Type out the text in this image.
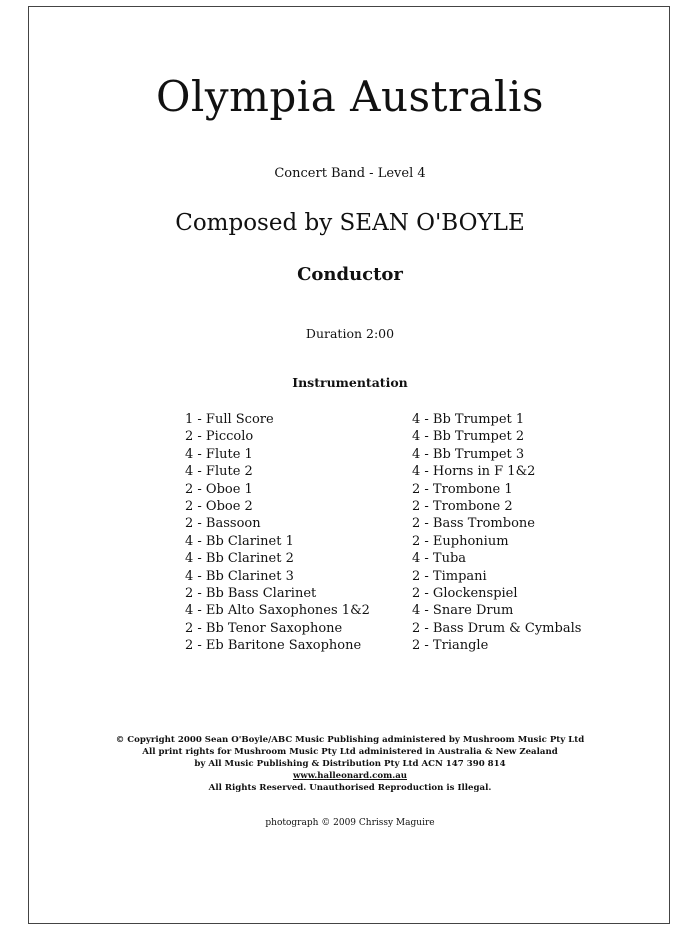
Olympia Australis
Concert Band - Level 4
Composed by SEAN O'BOYLE
Conductor
Duration 2:00
Instrumentation
1 - Full Score
2 - Piccolo
4 - Flute 1
4 - Flute 2
2 - Oboe 1
2 - Oboe 2
2 - Bassoon
4 - Bb Clarinet 1
4 - Bb Clarinet 2
4 - Bb Clarinet 3
2 - Bb Bass Clarinet
4 - Eb Alto Saxophones 1&2
2 - Bb Tenor Saxophone
2 - Eb Baritone Saxophone
4 - Bb Trumpet 1
4 - Bb Trumpet 2
4 - Bb Trumpet 3
4 - Horns in F 1&2
2 - Trombone 1
2 - Trombone 2
2 - Bass Trombone
2 - Euphonium
4 - Tuba
2 - Timpani
2 - Glockenspiel
4 - Snare Drum
2 - Bass Drum & Cymbals
2 - Triangle
© Copyright 2000 Sean O'Boyle/ABC Music Publishing administered by Mushroom Music Pty Ltd
All print rights for Mushroom Music Pty Ltd administered in Australia & New Zealand
by All Music Publishing & Distribution Pty Ltd ACN 147 390 814
www.halleonard.com.au
All Rights Reserved. Unauthorised Reproduction is Illegal.
photograph © 2009 Chrissy Maguire
